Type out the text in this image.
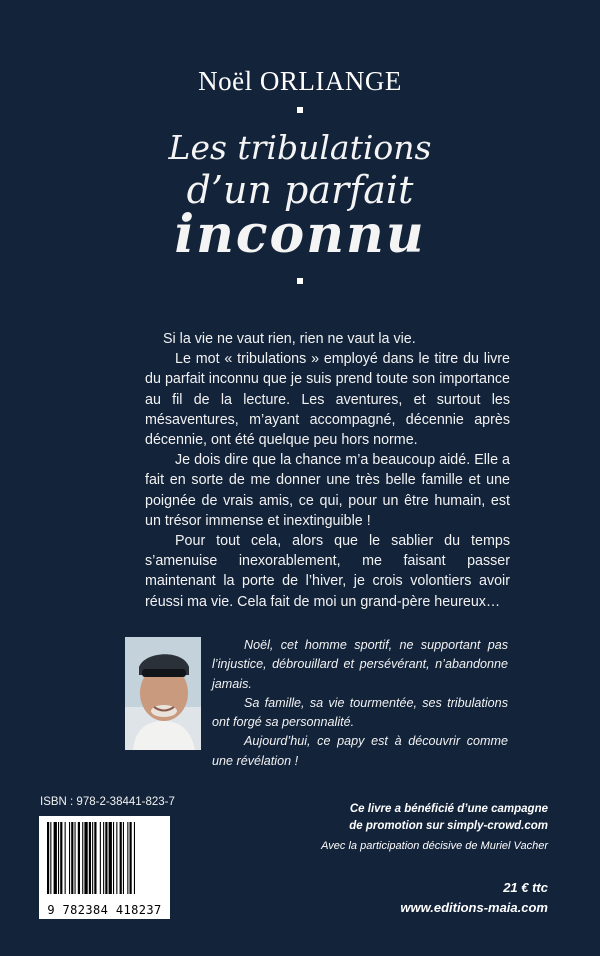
Noël ORLIANGE
Les tribulations
d’un parfait
inconnu

Si la vie ne vaut rien, rien ne vaut la vie.

Le mot « tribulations » employé dans le titre du livre du parfait inconnu que je suis prend toute son importance au fil de la lecture. Les aventures, et surtout les mésaventures, m’ayant accompagné, décennie après décennie, ont été quelque peu hors norme.

Je dois dire que la chance m’a beaucoup aidé. Elle a fait en sorte de me donner une très belle famille et une poignée de vrais amis, ce qui, pour un être humain, est un trésor immense et inextinguible !

Pour tout cela, alors que le sablier du temps s’amenuise inexorablement, me faisant passer maintenant la porte de l’hiver, je crois volontiers avoir réussi ma vie. Cela fait de moi un grand-père heureux…

Noël, cet homme sportif, ne supportant pas l’injustice, débrouillard et persévérant, n’abandonne jamais.

Sa famille, sa vie tourmentée, ses tribulations ont forgé sa personnalité.

Aujourd’hui, ce papy est à découvrir comme une révélation !

ISBN : 978-2-38441-823-7
9 782384 418237
Ce livre a bénéficié d’une campagne
de promotion sur simply-crowd.com
Avec la participation décisive de Muriel Vacher
21 € ttc
www.editions-maia.com
